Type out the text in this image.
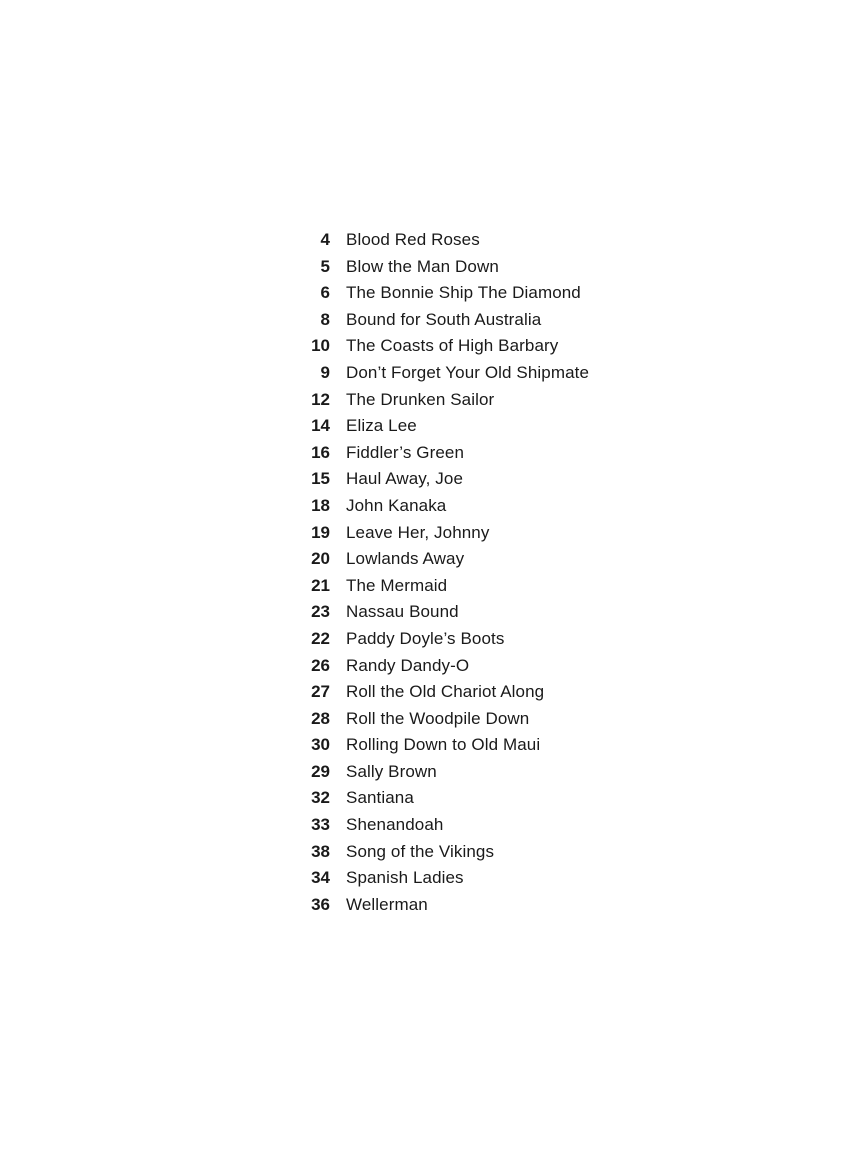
4 Blood Red Roses
5 Blow the Man Down
6 The Bonnie Ship The Diamond
8 Bound for South Australia
10 The Coasts of High Barbary
9 Don’t Forget Your Old Shipmate
12 The Drunken Sailor
14 Eliza Lee
16 Fiddler’s Green
15 Haul Away, Joe
18 John Kanaka
19 Leave Her, Johnny
20 Lowlands Away
21 The Mermaid
23 Nassau Bound
22 Paddy Doyle’s Boots
26 Randy Dandy-O
27 Roll the Old Chariot Along
28 Roll the Woodpile Down
30 Rolling Down to Old Maui
29 Sally Brown
32 Santiana
33 Shenandoah
38 Song of the Vikings
34 Spanish Ladies
36 Wellerman
